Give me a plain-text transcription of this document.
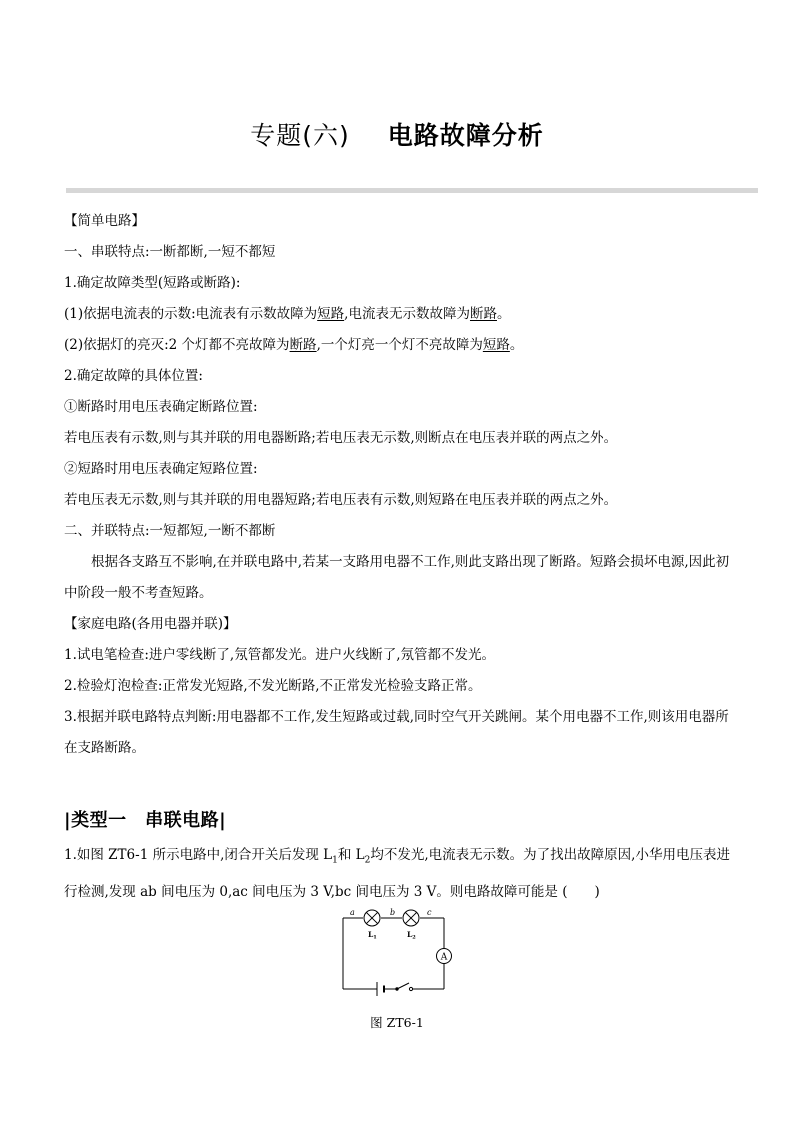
专题(六) 电路故障分析
【简单电路】
一、串联特点:一断都断,一短不都短
1.确定故障类型(短路或断路):
(1)依据电流表的示数:电流表有示数故障为短路,电流表无示数故障为断路。
(2)依据灯的亮灭:2 个灯都不亮故障为断路,一个灯亮一个灯不亮故障为短路。
2.确定故障的具体位置:
①断路时用电压表确定断路位置:
若电压表有示数,则与其并联的用电器断路;若电压表无示数,则断点在电压表并联的两点之外。
②短路时用电压表确定短路位置:
若电压表无示数,则与其并联的用电器短路;若电压表有示数,则短路在电压表并联的两点之外。
二、并联特点:一短都短,一断不都断
根据各支路互不影响,在并联电路中,若某一支路用电器不工作,则此支路出现了断路。短路会损坏电源,因此初中阶段一般不考查短路。
【家庭电路(各用电器并联)】
1.试电笔检查:进户零线断了,氖管都发光。进户火线断了,氖管都不发光。
2.检验灯泡检查:正常发光短路,不发光断路,不正常发光检验支路正常。
3.根据并联电路特点判断:用电器都不工作,发生短路或过载,同时空气开关跳闸。某个用电器不工作,则该用电器所在支路断路。
|类型一　串联电路|
1.如图 ZT6-1 所示电路中,闭合开关后发现 $L_1$和 $L_2$均不发光,电流表无示数。为了找出故障原因,小华用电压表进行检测,发现 ab 间电压为 0,ac 间电压为 3 V,bc 间电压为 3 V。则电路故障可能是 (　　)
A
a	b	c
$L_1$	$L_2$
图 ZT6-1
